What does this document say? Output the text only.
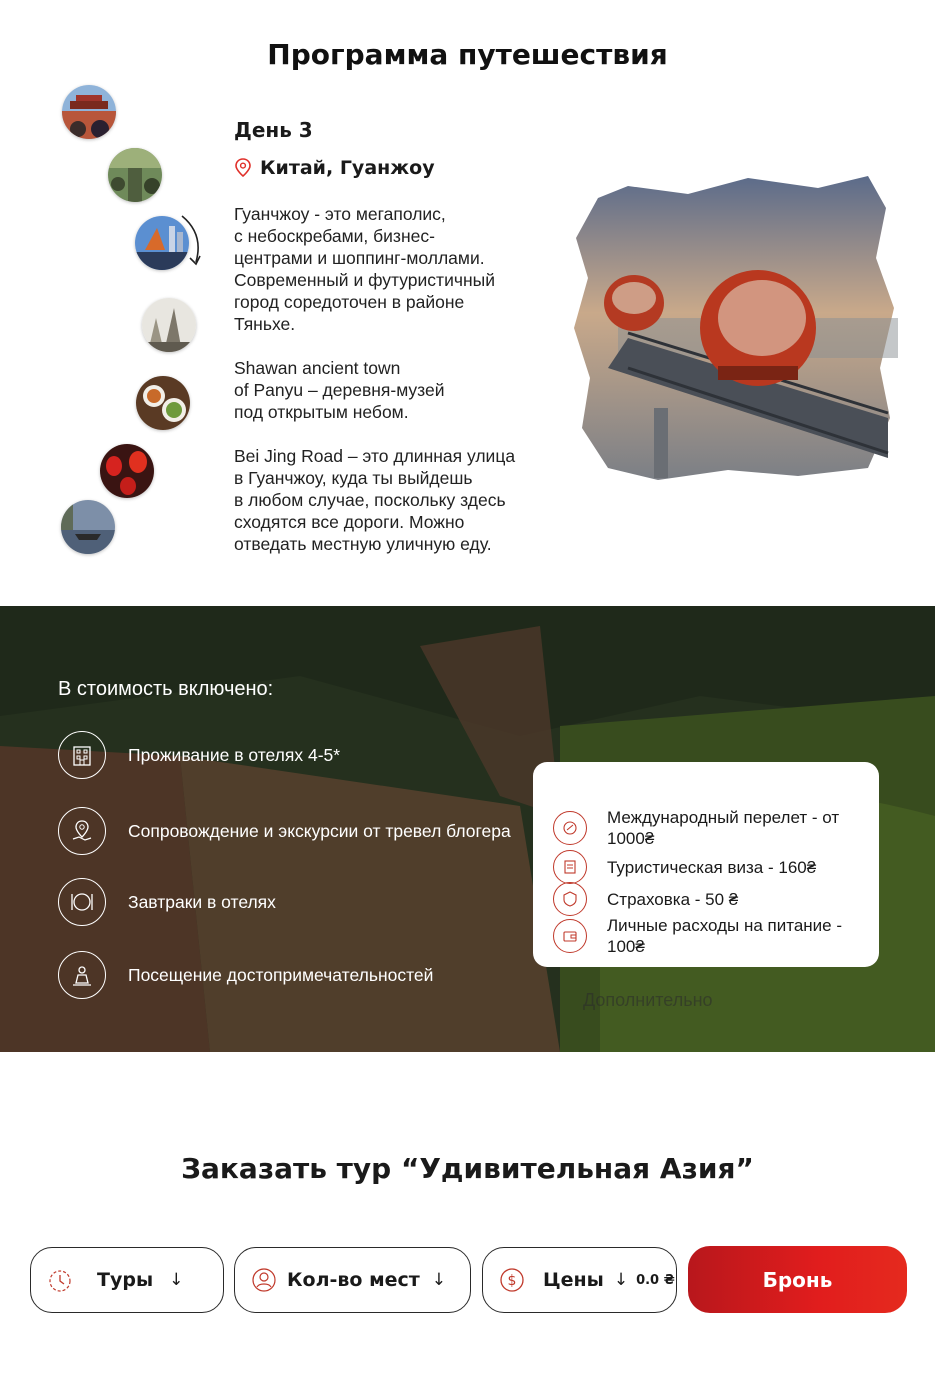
Программа путешествия
День 3
Китай, Гуанжоу

Гуанчжоу - это мегаполис,
с небоскребами, бизнес-
центрами и шоппинг-моллами.
Современный и футуристичный
город соредоточен в районе
Тяньхе.

Shawan ancient town
of Panyu – деревня-музей
под открытым небом.

Bei Jing Road – это длинная улица
в Гуанчжоу, куда ты выйдешь
в любом случае, поскольку здесь
сходятся все дороги. Можно
отведать местную уличную еду.

В стоимость включено:
Проживание в отелях 4-5*
Сопровождение и экскурсии от тревел блогера
Завтраки в отелях
Посещение достопримечательностей
Дополнительно
Международный перелет - от 1000₴
Туристическая виза - 160₴
Страховка - 50 ₴
Личные расходы на питание - 100₴
Заказать тур “Удивительная Азия”
Туры ↓	Кол-во мест ↓	$ Цены ↓ 0.0 ₴	Бронь
